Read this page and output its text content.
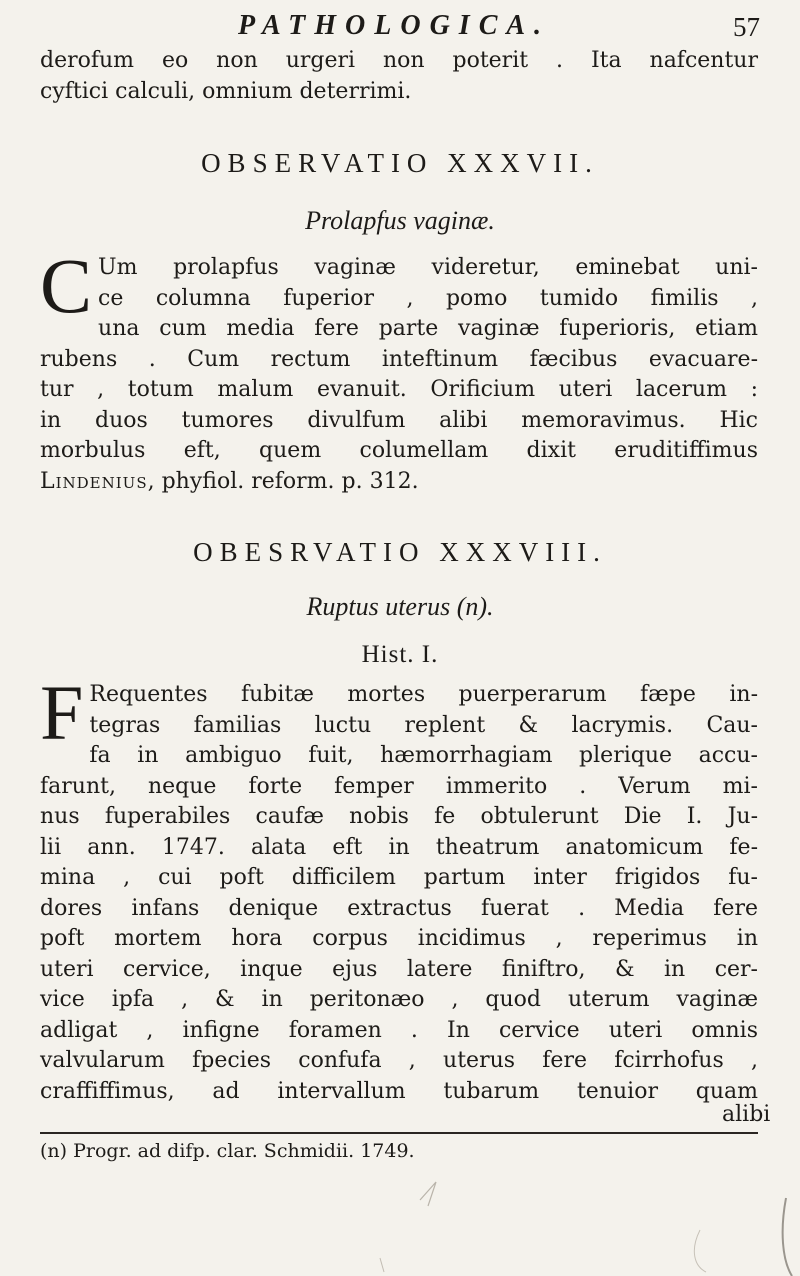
PATHOLOGICA.	57
derofum eo non urgeri non poterit . Ita nafcentur
cyftici calculi, omnium deterrimi.
OBSERVATIO XXXVII.
Prolapfus vaginæ.
C Um prolapfus vaginæ videretur, eminebat uni-
ce columna fuperior , pomo tumido fimilis ,
una cum media fere parte vaginæ fuperioris, etiam
rubens . Cum rectum inteftinum fæcibus evacuare-
tur , totum malum evanuit. Orificium uteri lacerum :
in duos tumores divulfum alibi memoravimus. Hic
morbulus eft, quem columellam dixit eruditiffimus
Lindenius, phyfiol. reform. p. 312.
OBESRVATIO XXXVIII.
Ruptus uterus (n).
Hist. I.
F Requentes fubitæ mortes puerperarum fæpe in-
tegras familias luctu replent & lacrymis. Cau-
fa in ambiguo fuit, hæmorrhagiam plerique accu-
farunt, neque forte femper immerito . Verum mi-
nus fuperabiles caufæ nobis fe obtulerunt Die I. Ju-
lii ann. 1747. alata eft in theatrum anatomicum fe-
mina , cui poft difficilem partum inter frigidos fu-
dores infans denique extractus fuerat . Media fere
poft mortem hora corpus incidimus , reperimus in
uteri cervice, inque ejus latere finiftro, & in cer-
vice ipfa , & in peritonæo , quod uterum vaginæ
adligat , infigne foramen . In cervice uteri omnis
valvularum fpecies confufa , uterus fere fcirrhofus ,
craffiffimus, ad intervallum tubarum tenuior quam
alibi
(n) Progr. ad difp. clar. Schmidii. 1749.
